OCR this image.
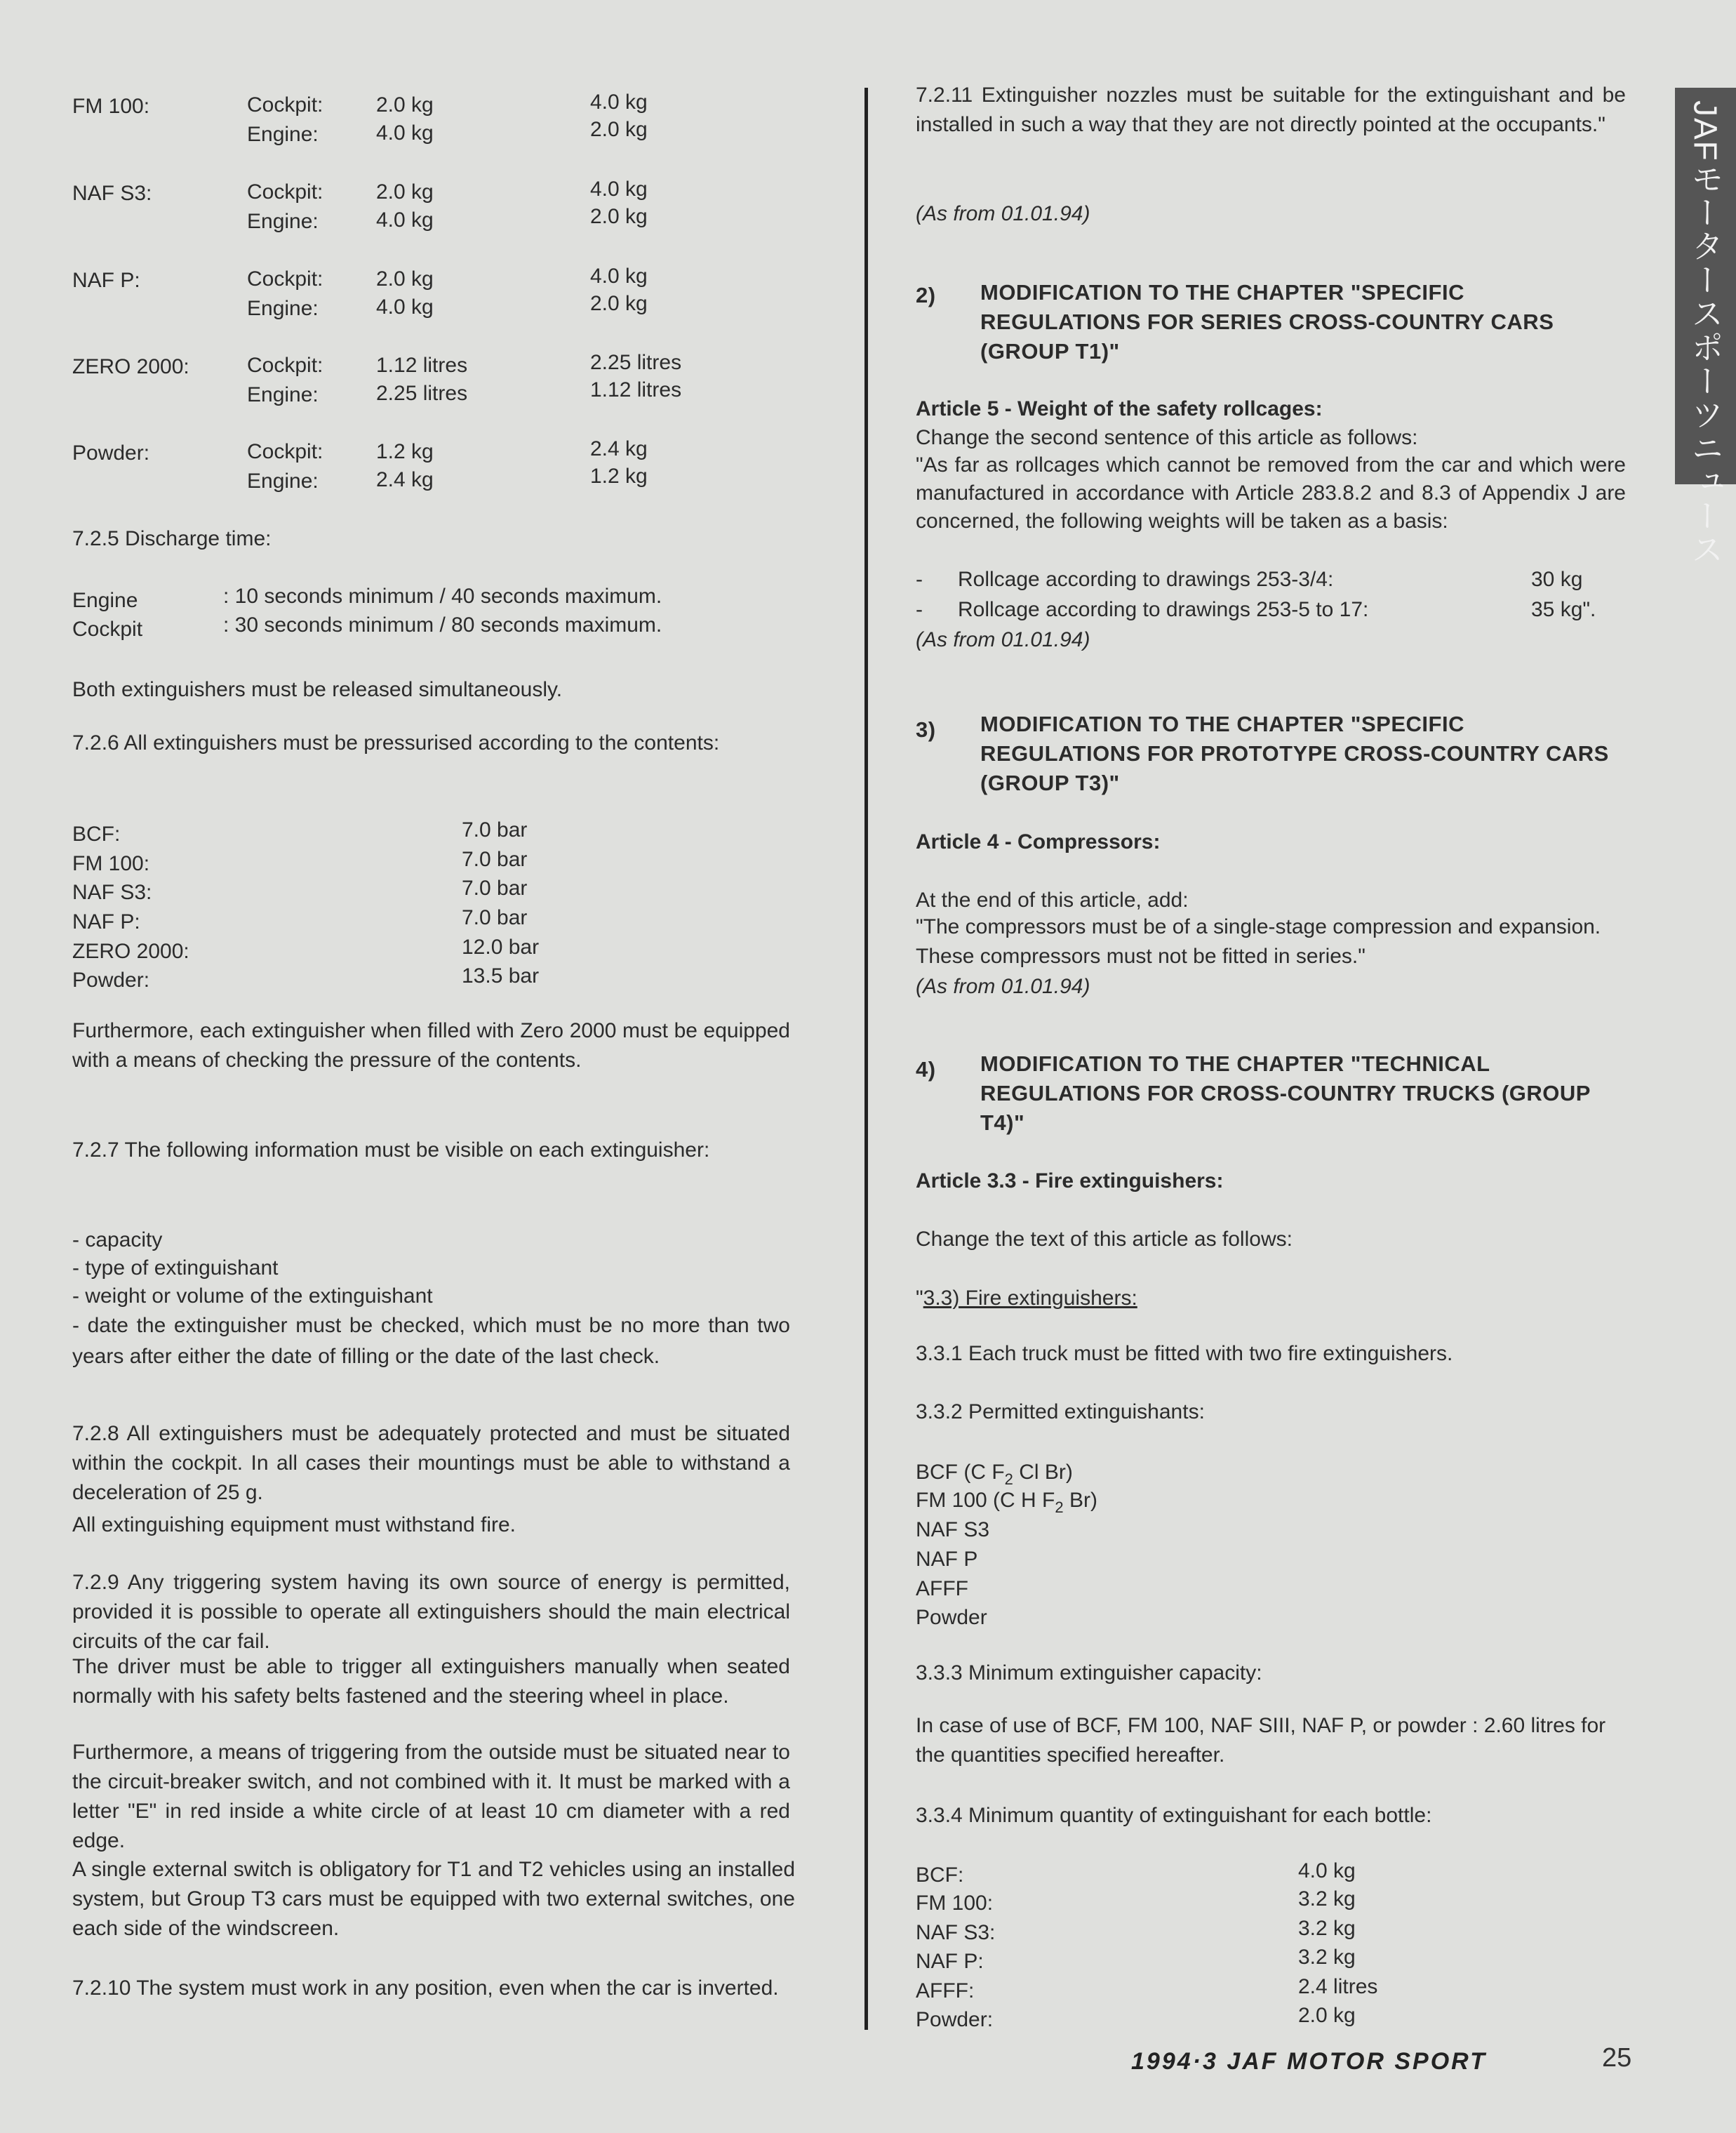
FM 100:	Cockpit:	2.0 kg	4.0 kg
Engine:	4.0 kg	2.0 kg
NAF S3:	Cockpit:	2.0 kg	4.0 kg
Engine:	4.0 kg	2.0 kg
NAF P:	Cockpit:	2.0 kg	4.0 kg
Engine:	4.0 kg	2.0 kg
ZERO 2000:	Cockpit:	1.12 litres	2.25 litres
Engine:	2.25 litres	1.12 litres
Powder:	Cockpit:	1.2 kg	2.4 kg
Engine:	2.4 kg	1.2 kg
7.2.5 Discharge time:
Engine	: 10 seconds minimum / 40 seconds maximum.
Cockpit	: 30 seconds minimum / 80 seconds maximum.
Both extinguishers must be released simultaneously.
7.2.6 All extinguishers must be pressurised according to the contents:
BCF:	7.0 bar
FM 100:	7.0 bar
NAF S3:	7.0 bar
NAF P:	7.0 bar
ZERO 2000:	12.0 bar
Powder:	13.5 bar
Furthermore, each extinguisher when filled with Zero 2000 must be equipped with a means of checking the pressure of the contents.
7.2.7 The following information must be visible on each extinguisher:
- capacity
- type of extinguishant
- weight or volume of the extinguishant
- date the extinguisher must be checked, which must be no more than two years after either the date of filling or the date of the last check.
7.2.8 All extinguishers must be adequately protected and must be situated within the cockpit. In all cases their mountings must be able to withstand a deceleration of 25 g.
All extinguishing equipment must withstand fire.
7.2.9 Any triggering system having its own source of energy is permitted, provided it is possible to operate all extinguishers should the main electrical circuits of the car fail.
The driver must be able to trigger all extinguishers manually when seated normally with his safety belts fastened and the steering wheel in place.
Furthermore, a means of triggering from the outside must be situated near to the circuit-breaker switch, and not combined with it. It must be marked with a letter "E" in red inside a white circle of at least 10 cm diameter with a red edge.
A single external switch is obligatory for T1 and T2 vehicles using an installed system, but Group T3 cars must be equipped with two external switches, one each side of the windscreen.
7.2.10 The system must work in any position, even when the car is inverted.
7.2.11 Extinguisher nozzles must be suitable for the extinguishant and be installed in such a way that they are not directly pointed at the occupants."
(As from 01.01.94)
2) MODIFICATION TO THE CHAPTER "SPECIFIC REGULATIONS FOR SERIES CROSS-COUNTRY CARS (GROUP T1)"
Article 5 - Weight of the safety rollcages:
Change the second sentence of this article as follows:
"As far as rollcages which cannot be removed from the car and which were manufactured in accordance with Article 283.8.2 and 8.3 of Appendix J are concerned, the following weights will be taken as a basis:
- Rollcage according to drawings 253-3/4:	30 kg
- Rollcage according to drawings 253-5 to 17:	35 kg".
(As from 01.01.94)
3) MODIFICATION TO THE CHAPTER "SPECIFIC REGULATIONS FOR PROTOTYPE CROSS-COUNTRY CARS (GROUP T3)"
Article 4 - Compressors:
At the end of this article, add:
"The compressors must be of a single-stage compression and expansion. These compressors must not be fitted in series."
(As from 01.01.94)
4) MODIFICATION TO THE CHAPTER "TECHNICAL REGULATIONS FOR CROSS-COUNTRY TRUCKS (GROUP T4)"
Article 3.3 - Fire extinguishers:
Change the text of this article as follows:
"3.3) Fire extinguishers:
3.3.1 Each truck must be fitted with two fire extinguishers.
3.3.2 Permitted extinguishants:
BCF (C $F_2$ Cl Br)
FM 100 (C H $F_2$ Br)
NAF S3
NAF P
AFFF
Powder
3.3.3 Minimum extinguisher capacity:
In case of use of BCF, FM 100, NAF SIII, NAF P, or powder : 2.60 litres for the quantities specified hereafter.
3.3.4 Minimum quantity of extinguishant for each bottle:
BCF:	4.0 kg
FM 100:	3.2 kg
NAF S3:	3.2 kg
NAF P:	3.2 kg
AFFF:	2.4 litres
Powder:	2.0 kg
JAFモータースポーツニュース
1994·3 JAF MOTOR SPORT	25
